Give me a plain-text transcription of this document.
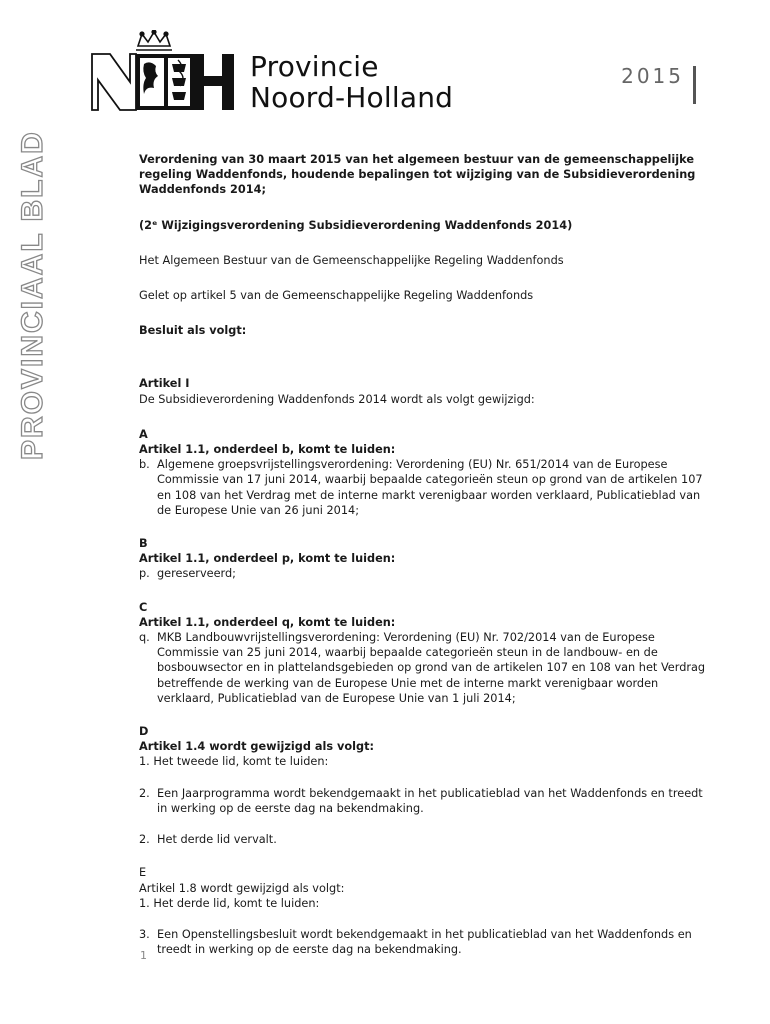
Provincie
Noord-Holland
2015
PROVINCIAAL BLAD	Verordening van 30 maart 2015 van het algemeen bestuur van de gemeenschappelijke regeling Waddenfonds, houdende bepalingen tot wijziging van de Subsidieverordening Waddenfonds 2014;

(2ᵉ Wijzigingsverordening Subsidieverordening Waddenfonds 2014)

Het Algemeen Bestuur van de Gemeenschappelijke Regeling Waddenfonds

Gelet op artikel 5 van de Gemeenschappelijke Regeling Waddenfonds

Besluit als volgt:

Artikel I

De Subsidieverordening Waddenfonds 2014 wordt als volgt gewijzigd:

A

Artikel 1.1, onderdeel b, komt te luiden:

b. Algemene groepsvrijstellingsverordening: Verordening (EU) Nr. 651/2014 van de Europese Commissie van 17 juni 2014, waarbij bepaalde categorieën steun op grond van de artikelen 107 en 108 van het Verdrag met de interne markt verenigbaar worden verklaard, Publicatieblad van de Europese Unie van 26 juni 2014;

B

Artikel 1.1, onderdeel p, komt te luiden:

p. gereserveerd;

C

Artikel 1.1, onderdeel q, komt te luiden:

q. MKB Landbouwvrijstellingsverordening: Verordening (EU) Nr. 702/2014 van de Europese Commissie van 25 juni 2014, waarbij bepaalde categorieën steun in de landbouw- en de bosbouwsector en in plattelandsgebieden op grond van de artikelen 107 en 108 van het Verdrag betreffende de werking van de Europese Unie met de interne markt verenigbaar worden verklaard, Publicatieblad van de Europese Unie van 1 juli 2014;

D

Artikel 1.4 wordt gewijzigd als volgt:

1. Het tweede lid, komt te luiden:

2. Een Jaarprogramma wordt bekendgemaakt in het publicatieblad van het Waddenfonds en treedt in werking op de eerste dag na bekendmaking.
2. Het derde lid vervalt.

E

Artikel 1.8 wordt gewijzigd als volgt:

1. Het derde lid, komt te luiden:

3. Een Openstellingsbesluit wordt bekendgemaakt in het publicatieblad van het Waddenfonds en treedt in werking op de eerste dag na bekendmaking.
1
